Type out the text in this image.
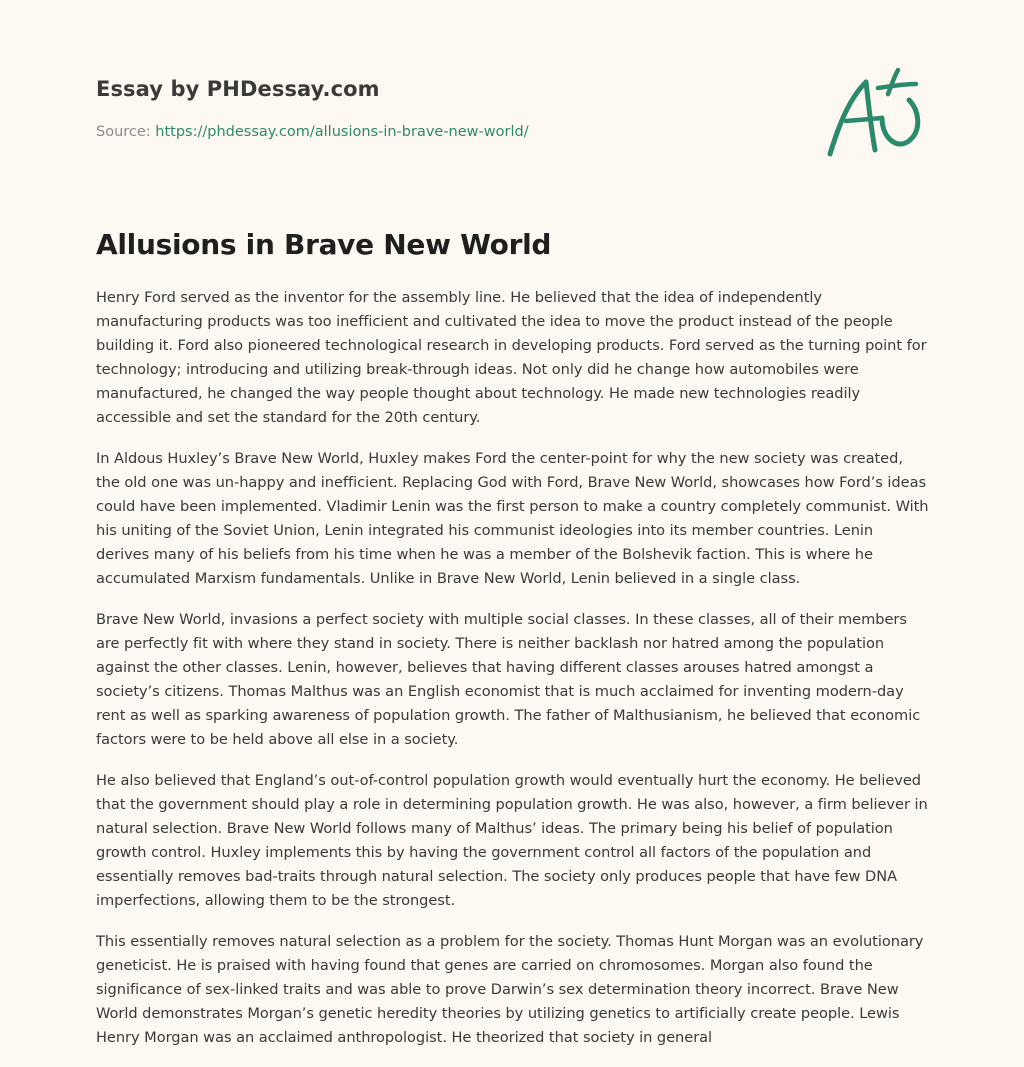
Essay by PHDessay.com
Source: https://phdessay.com/allusions-in-brave-new-world/
Allusions in Brave New World

Henry Ford served as the inventor for the assembly line. He believed that the idea of independently manufacturing products was too inefficient and cultivated the idea to move the product instead of the people building it. Ford also pioneered technological research in developing products. Ford served as the turning point for technology; introducing and utilizing break-through ideas. Not only did he change how automobiles were manufactured, he changed the way people thought about technology. He made new technologies readily accessible and set the standard for the 20th century.

In Aldous Huxley’s Brave New World, Huxley makes Ford the center-point for why the new society was created, the old one was un-happy and inefficient. Replacing God with Ford, Brave New World, showcases how Ford’s ideas could have been implemented. Vladimir Lenin was the first person to make a country completely communist. With his uniting of the Soviet Union, Lenin integrated his communist ideologies into its member countries. Lenin derives many of his beliefs from his time when he was a member of the Bolshevik faction. This is where he accumulated Marxism fundamentals. Unlike in Brave New World, Lenin believed in a single class.

Brave New World, invasions a perfect society with multiple social classes. In these classes, all of their members are perfectly fit with where they stand in society. There is neither backlash nor hatred among the population against the other classes. Lenin, however, believes that having different classes arouses hatred amongst a society’s citizens. Thomas Malthus was an English economist that is much acclaimed for inventing modern-day rent as well as sparking awareness of population growth. The father of Malthusianism, he believed that economic factors were to be held above all else in a society.

He also believed that England’s out-of-control population growth would eventually hurt the economy. He believed that the government should play a role in determining population growth. He was also, however, a firm believer in natural selection. Brave New World follows many of Malthus’ ideas. The primary being his belief of population growth control. Huxley implements this by having the government control all factors of the population and essentially removes bad-traits through natural selection. The society only produces people that have few DNA imperfections, allowing them to be the strongest.

This essentially removes natural selection as a problem for the society. Thomas Hunt Morgan was an evolutionary geneticist. He is praised with having found that genes are carried on chromosomes. Morgan also found the significance of sex-linked traits and was able to prove Darwin’s sex determination theory incorrect. Brave New World demonstrates Morgan’s genetic heredity theories by utilizing genetics to artificially create people. Lewis Henry Morgan was an acclaimed anthropologist. He theorized that society in general
